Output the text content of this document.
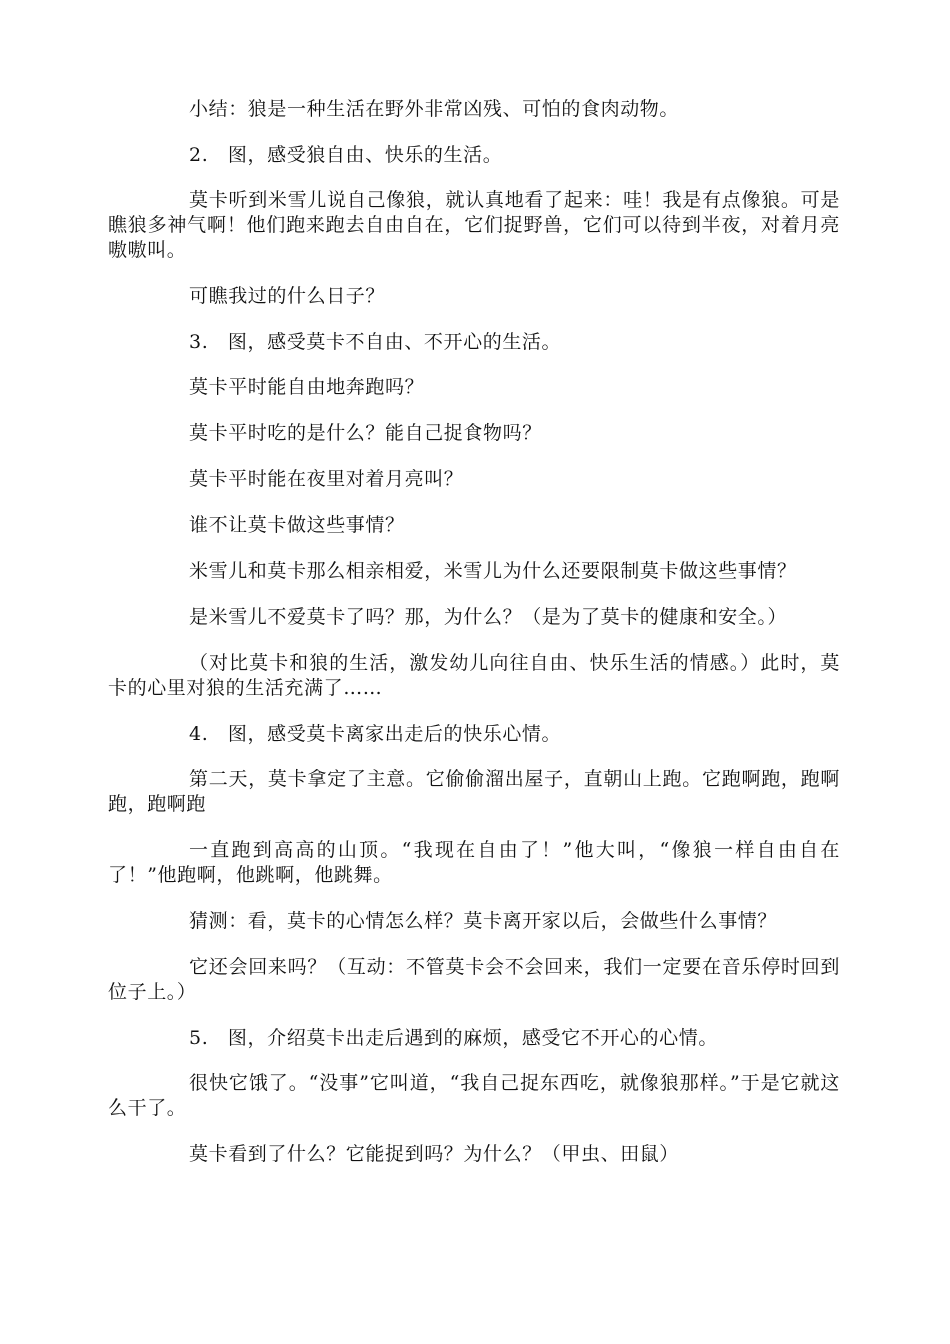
小结：狼是一种生活在野外非常凶残、可怕的食肉动物。

2.　图，感受狼自由、快乐的生活。

莫卡听到米雪儿说自己像狼，就认真地看了起来：哇！我是有点像狼。可是瞧狼多神气啊！他们跑来跑去自由自在，它们捉野兽，它们可以待到半夜，对着月亮嗷嗷叫。

可瞧我过的什么日子？

3.　图，感受莫卡不自由、不开心的生活。

莫卡平时能自由地奔跑吗？

莫卡平时吃的是什么？能自己捉食物吗？

莫卡平时能在夜里对着月亮叫？

谁不让莫卡做这些事情？

米雪儿和莫卡那么相亲相爱，米雪儿为什么还要限制莫卡做这些事情？

是米雪儿不爱莫卡了吗？那，为什么？（是为了莫卡的健康和安全。）

（对比莫卡和狼的生活，激发幼儿向往自由、快乐生活的情感。）此时，莫卡的心里对狼的生活充满了……

4.　图，感受莫卡离家出走后的快乐心情。

第二天，莫卡拿定了主意。它偷偷溜出屋子，直朝山上跑。它跑啊跑，跑啊跑，跑啊跑

一直跑到高高的山顶。“我现在自由了！”他大叫，“像狼一样自由自在了！”他跑啊，他跳啊，他跳舞。

猜测：看，莫卡的心情怎么样？莫卡离开家以后，会做些什么事情？

它还会回来吗？（互动：不管莫卡会不会回来，我们一定要在音乐停时回到位子上。）

5.　图，介绍莫卡出走后遇到的麻烦，感受它不开心的心情。

很快它饿了。“没事”它叫道，“我自己捉东西吃，就像狼那样。”于是它就这么干了。

莫卡看到了什么？它能捉到吗？为什么？（甲虫、田鼠）
